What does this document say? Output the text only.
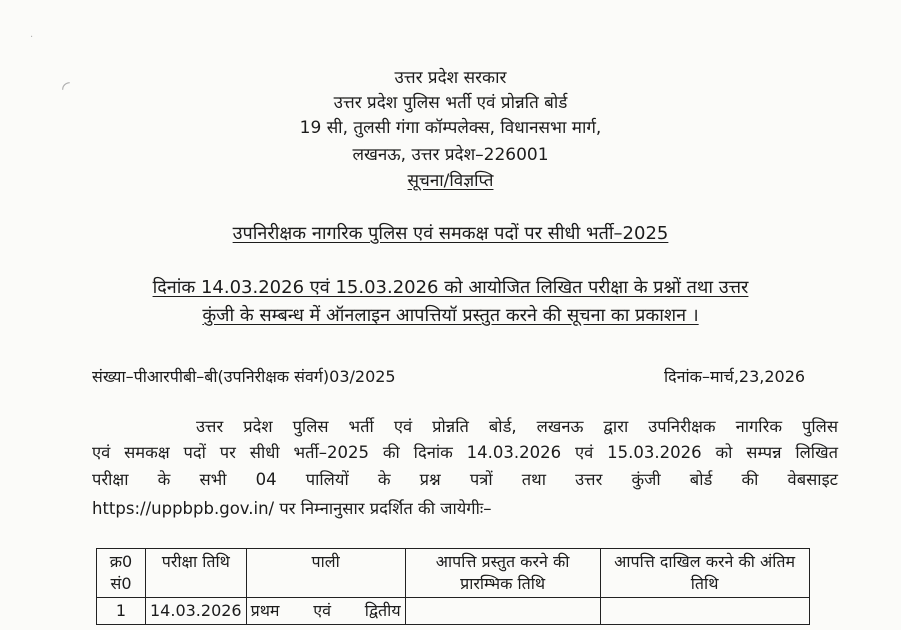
·
◜	उत्तर प्रदेश सरकार
उत्तर प्रदेश पुलिस भर्ती एवं प्रोन्नति बोर्ड
19 सी, तुलसी गंगा कॉम्पलेक्स, विधानसभा मार्ग,
लखनऊ, उत्तर प्रदेश–226001
सूचना/विज्ञप्ति
उपनिरीक्षक नागरिक पुलिस एवं समकक्ष पदों पर सीधी भर्ती–2025
दिनांक 14.03.2026 एवं 15.03.2026 को आयोजित लिखित परीक्षा के प्रश्नों तथा उत्तर
कुंजी के सम्बन्ध में ऑनलाइन आपत्तियॉ प्रस्तुत करने की सूचना का प्रकाशन ।
संख्या–पीआरपीबी–बी(उपनिरीक्षक संवर्ग)03/2025	दिनांक–मार्च,23,2026
उत्तर प्रदेश पुलिस भर्ती एवं प्रोन्नति बोर्ड, लखनऊ द्वारा उपनिरीक्षक नागरिक पुलिस
एवं समकक्ष पदों पर सीधी भर्ती–2025 की दिनांक 14.03.2026 एवं 15.03.2026 को सम्पन्न लिखित
परीक्षा के सभी 04 पालियों के प्रश्न पत्रों तथा उत्तर कुंजी बोर्ड की वेबसाइट
https://uppbpb.gov.in/ पर निम्नानुसार प्रदर्शित की जायेगीः–
क्र0 सं0	परीक्षा तिथि	पाली	आपत्ति प्रस्तुत करने की प्रारम्भिक तिथि	आपत्ति दाखिल करने की अंतिम तिथि
1	14.03.2026	प्रथम एवं द्वितीय		
